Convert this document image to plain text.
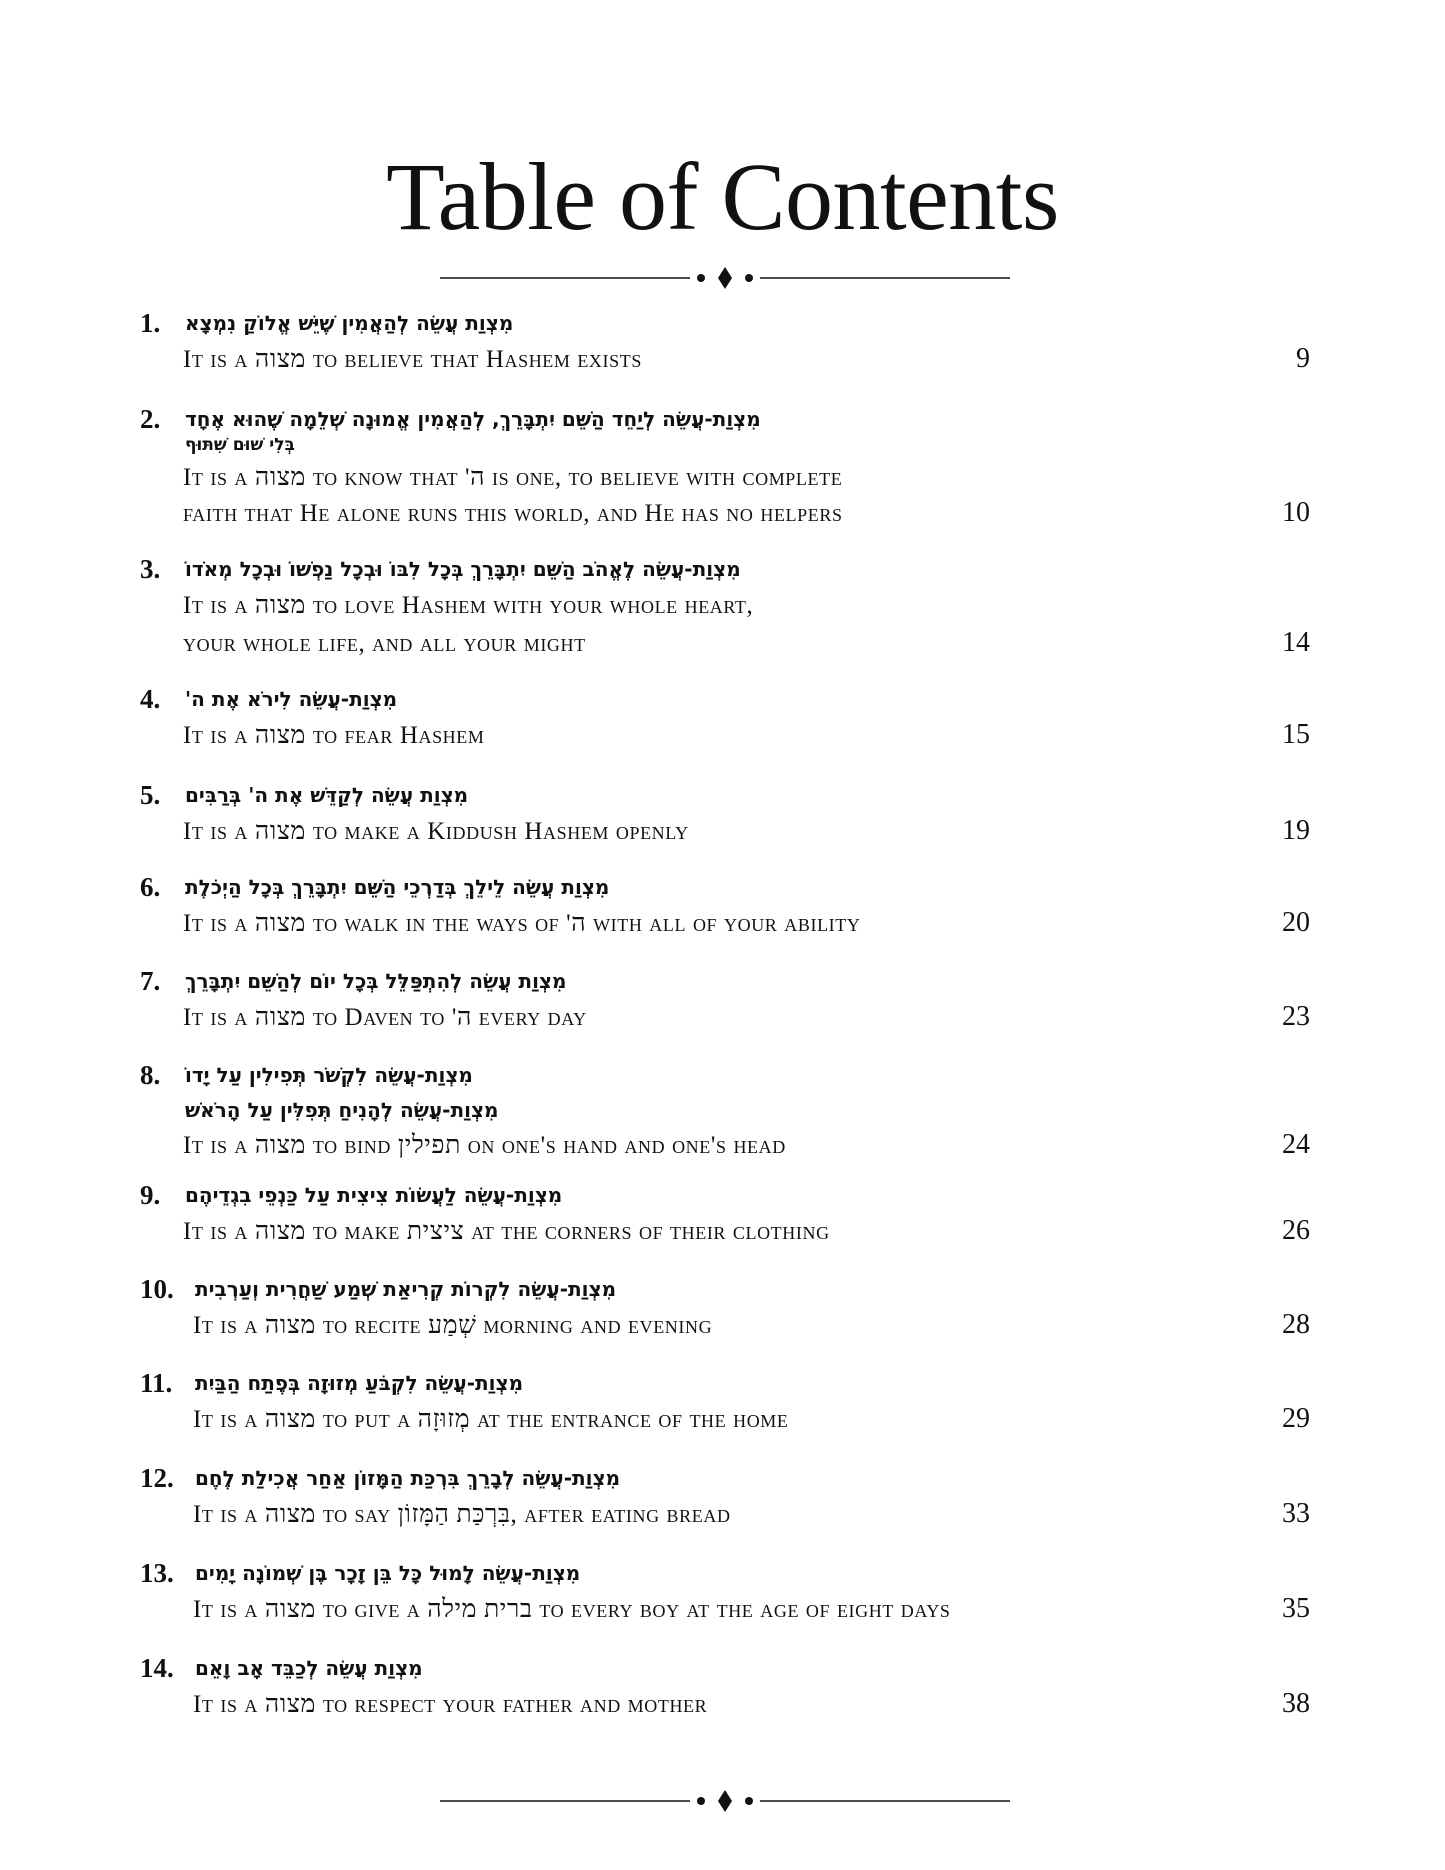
Table of Contents
1.	מִצְוַת עֲשֵׂה לְהַאֲמִין שֶׁיֵּשׁ אֱלוֹקַ נִמְצָא
It is a מצוה to believe that Hashem exists	9
2.	מִצְוַת-עֲשֵׂה לְיַחֵד הַשֵּׁם יִתְבָּרֵךְ, לְהַאֲמִין אֱמוּנָה שְׁלֵמָה שֶׁהוּא אֶחָד
בְּלִי שׁוּם שִׁתּוּף
It is a מצוה to know that 'ה is one, to believe with complete
faith that He alone runs this world, and He has no helpers	10
3.	מִצְוַת-עֲשֵׂה לֶאֱהֹב הַשֵּׁם יִתְבָּרֵךְ בְּכָל לִבּוֹ וּבְכָל נַפְשׁוֹ וּבְכָל מְאֹדוֹ
It is a מצוה to love Hashem with your whole heart,
your whole life, and all your might	14
4.	מִצְוַת-עֲשֵׂה לִירֹא אֶת ה'
It is a מצוה to fear Hashem	15
5.	מִצְוַת עֲשֵׂה לְקַדֵּשׁ אֶת ה' בְּרַבִּים
It is a מצוה to make a Kiddush Hashem openly	19
6.	מִצְוַת עֲשֵׂה לֵילֵךְ בְּדַרְכֵי הַשֵּׁם יִתְבָּרֵךְ בְּכָל הַיְכֹלֶת
It is a מצוה to walk in the ways of 'ה with all of your ability	20
7.	מִצְוַת עֲשֵׂה לְהִתְפַּלֵּל בְּכָל יוֹם לְהַשֵּׁם יִתְבָּרֵךְ
It is a מצוה to Daven to 'ה every day	23
8.	מִצְוַת-עֲשֵׂה לִקְשֹׁר תְּפִילִין עַל יָדוֹ
מִצְוַת-עֲשֵׂה לְהָנִיחַ תְּפִלִּין עַל הָרֹאשׁ
It is a מצוה to bind תפילין on one's hand and one's head	24
9.	מִצְוַת-עֲשֵׂה לַעֲשׂוֹת צִיצִית עַל כַּנְפֵי בִגְדֵיהֶם
It is a מצוה to make ציצית at the corners of their clothing	26
10.	מִצְוַת-עֲשֵׂה לִקְרוֹת קְרִיאַת שְׁמַע שַׁחֲרִית וְעַרְבִית
It is a מצוה to recite שְׁמַע morning and evening	28
11.	מִצְוַת-עֲשֵׂה לִקְבֹּעַ מְזוּזָה בְּפֶתַח הַבַּיִת
It is a מצוה to put a מְזוּזָה at the entrance of the home	29
12.	מִצְוַת-עֲשֵׂה לְבָרֵךְ בִּרְכַּת הַמָּזוֹן אַחַר אֲכִילַת לֶחֶם
It is a מצוה to say בִּרְכַּת הַמָּזוֹן, after eating bread	33
13.	מִצְוַת-עֲשֵׂה לָמוּל כָּל בֵּן זָכָר בֶּן שְׁמוֹנָה יָמִים
It is a מצוה to give a ברית מילה to every boy at the age of eight days	35
14.	מִצְוַת עֲשֵׂה לְכַבֵּד אָב וָאֵם
It is a מצוה to respect your father and mother	38
